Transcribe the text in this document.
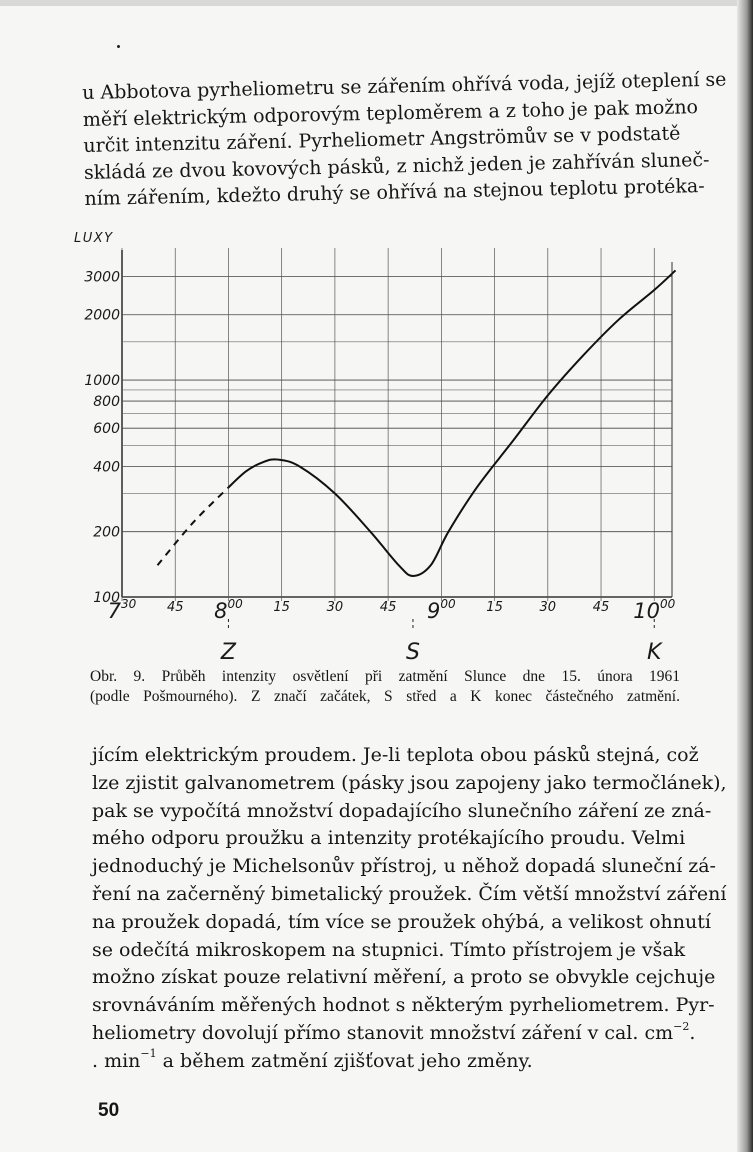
u Abbotova pyrheliometru se zářením ohřívá voda, jejíž oteplení se
měří elektrickým odporovým teploměrem a z toho je pak možno
určit intenzitu záření. Pyrheliometr Angströmův se v podstatě
skládá ze dvou kovových pásků, z nichž jeden je zahříván sluneč-
ním zářením, kdežto druhý se ohřívá na stejnou teplotu protéka-
100
200
400
600
800
1000
2000
3000
$7^{30}$ 45 $8^{00}$ 15	30	45 $9^{00}$ 15	30	45 $10^{00}$
Z	S	K
LUXY
Obr. 9. Průběh intenzity osvětlení při zatmění Slunce dne 15. února 1961
(podle Pošmourného). Z značí začátek, S střed a K konec částečného zatmění.
jícím elektrickým proudem. Je-li teplota obou pásků stejná, což
lze zjistit galvanometrem (pásky jsou zapojeny jako termočlánek),
pak se vypočítá množství dopadajícího slunečního záření ze zná-
mého odporu proužku a intenzity protékajícího proudu. Velmi
jednoduchý je Michelsonův přístroj, u něhož dopadá sluneční zá-
ření na začerněný bimetalický proužek. Čím větší množství záření
na proužek dopadá, tím více se proužek ohýbá, a velikost ohnutí
se odečítá mikroskopem na stupnici. Tímto přístrojem je však
možno získat pouze relativní měření, a proto se obvykle cejchuje
srovnáváním měřených hodnot s některým pyrheliometrem. Pyr-
heliometry dovolují přímo stanovit množství záření v cal. $cm^{-2}$.
. $\min^{-1} a$ během zatmění zjišťovat jeho změny.
50
